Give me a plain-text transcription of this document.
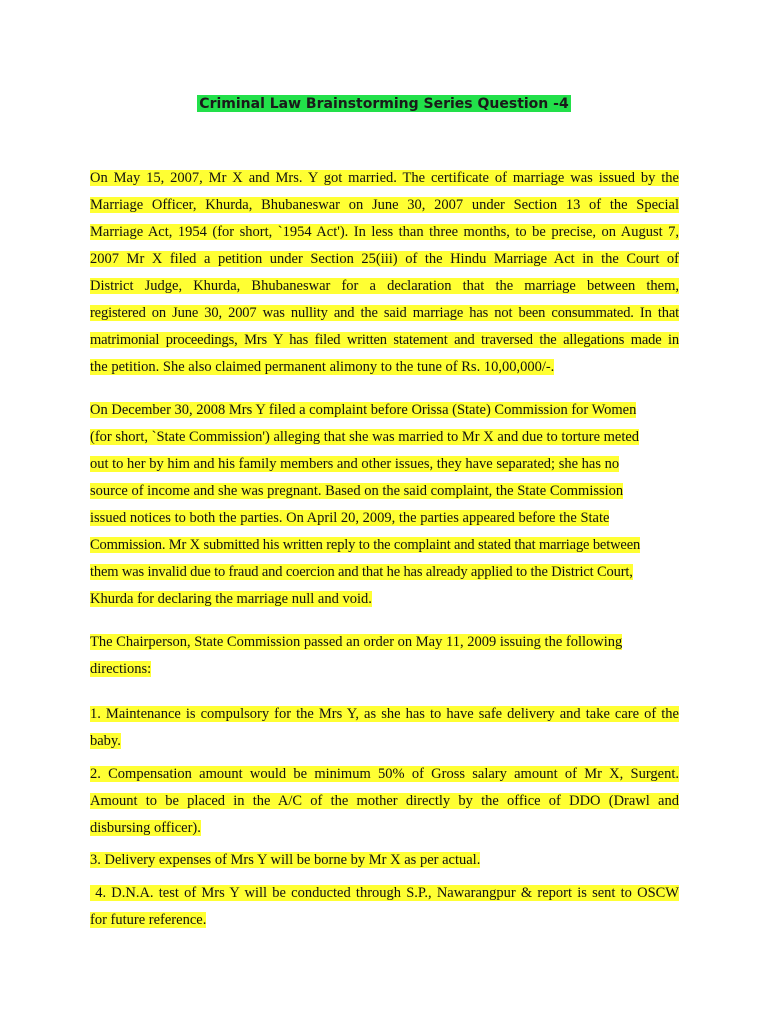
Criminal Law Brainstorming Series Question -4
On May 15, 2007, Mr X and Mrs. Y got married. The certificate of marriage was issued by the
Marriage Officer, Khurda, Bhubaneswar on June 30, 2007 under Section 13 of the Special
Marriage Act, 1954 (for short, `1954 Act'). In less than three months, to be precise, on August 7,
2007 Mr X filed a petition under Section 25(iii) of the Hindu Marriage Act in the Court of
District Judge, Khurda, Bhubaneswar for a declaration that the marriage between them,
registered on June 30, 2007 was nullity and the said marriage has not been consummated. In that
matrimonial proceedings, Mrs Y has filed written statement and traversed the allegations made in
the petition. She also claimed permanent alimony to the tune of Rs. 10,00,000/-.
On December 30, 2008 Mrs Y filed a complaint before Orissa (State) Commission for Women
(for short, `State Commission') alleging that she was married to Mr X and due to torture meted
out to her by him and his family members and other issues, they have separated; she has no
source of income and she was pregnant. Based on the said complaint, the State Commission
issued notices to both the parties. On April 20, 2009, the parties appeared before the State
Commission. Mr X submitted his written reply to the complaint and stated that marriage between
them was invalid due to fraud and coercion and that he has already applied to the District Court,
Khurda for declaring the marriage null and void.
The Chairperson, State Commission passed an order on May 11, 2009 issuing the following
directions:
1. Maintenance is compulsory for the Mrs Y, as she has to have safe delivery and take care of the
baby.
2. Compensation amount would be minimum 50% of Gross salary amount of Mr X, Surgent.
Amount to be placed in the A/C of the mother directly by the office of DDO (Drawl and
disbursing officer).
3. Delivery expenses of Mrs Y will be borne by Mr X as per actual.
4. D.N.A. test of Mrs Y will be conducted through S.P., Nawarangpur & report is sent to OSCW
for future reference.
